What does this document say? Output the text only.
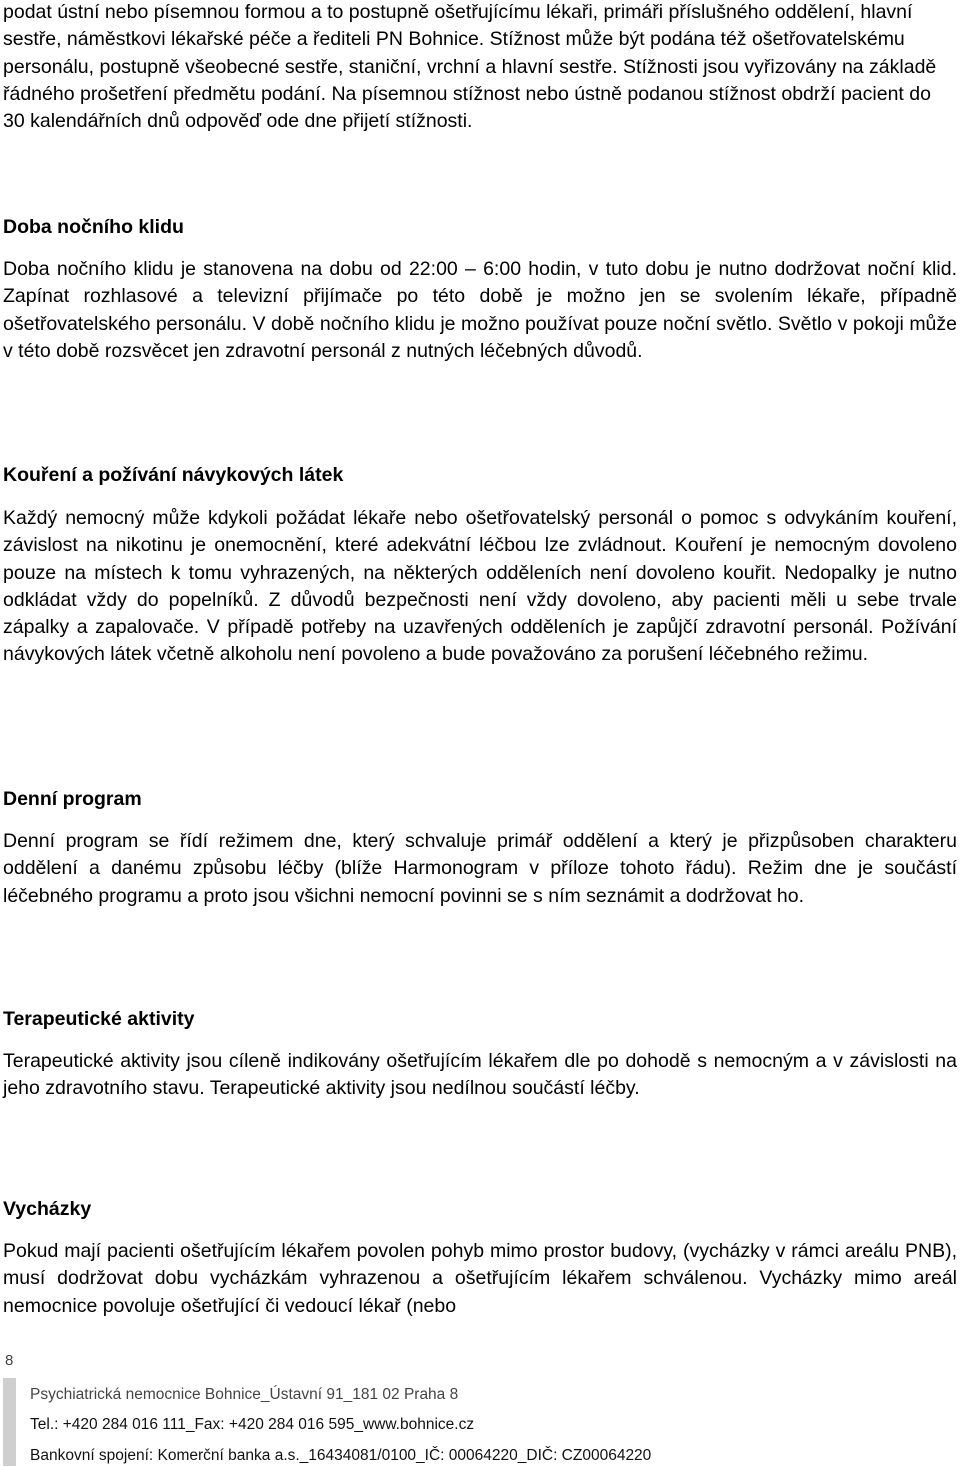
podat ústní nebo písemnou formou a to postupně ošetřujícímu lékaři, primáři příslušného oddělení, hlavní sestře, náměstkovi lékařské péče a řediteli PN Bohnice. Stížnost může být podána též ošetřovatelskému personálu, postupně všeobecné sestře, staniční, vrchní a hlavní sestře. Stížnosti jsou vyřizovány na základě řádného prošetření předmětu podání. Na písemnou stížnost nebo ústně podanou stížnost obdrží pacient do 30 kalendářních dnů odpověď ode dne přijetí stížnosti.

Doba nočního klidu

Doba nočního klidu je stanovena na dobu od 22:00 – 6:00 hodin, v tuto dobu je nutno dodržovat noční klid. Zapínat rozhlasové a televizní přijímače po této době je možno jen se svolením lékaře, případně ošetřovatelského personálu. V době nočního klidu je možno používat pouze noční světlo. Světlo v pokoji může v této době rozsvěcet jen zdravotní personál z nutných léčebných důvodů.

Kouření a požívání návykových látek

Každý nemocný může kdykoli požádat lékaře nebo ošetřovatelský personál o pomoc s odvykáním kouření, závislost na nikotinu je onemocnění, které adekvátní léčbou lze zvládnout. Kouření je nemocným dovoleno pouze na místech k tomu vyhrazených, na některých odděleních není dovoleno kouřit. Nedopalky je nutno odkládat vždy do popelníků. Z důvodů bezpečnosti není vždy dovoleno, aby pacienti měli u sebe trvale zápalky a zapalovače. V případě potřeby na uzavřených odděleních je zapůjčí zdravotní personál. Požívání návykových látek včetně alkoholu není povoleno a bude považováno za porušení léčebného režimu.

Denní program

Denní program se řídí režimem dne, který schvaluje primář oddělení a který je přizpůsoben charakteru oddělení a danému způsobu léčby (blíže Harmonogram v příloze tohoto řádu). Režim dne je součástí léčebného programu a proto jsou všichni nemocní povinni se s ním seznámit a dodržovat ho.

Terapeutické aktivity

Terapeutické aktivity jsou cíleně indikovány ošetřujícím lékařem dle po dohodě s nemocným a v závislosti na jeho zdravotního stavu. Terapeutické aktivity jsou nedílnou součástí léčby.

Vycházky

Pokud mají pacienti ošetřujícím lékařem povolen pohyb mimo prostor budovy, (vycházky v rámci areálu PNB), musí dodržovat dobu vycházkám vyhrazenou a ošetřujícím lékařem schválenou. Vycházky mimo areál nemocnice povoluje ošetřující či vedoucí lékař (nebo

8
Psychiatrická nemocnice Bohnice_Ústavní 91_181 02 Praha 8
Tel.: +420 284 016 111_Fax: +420 284 016 595_www.bohnice.cz
Bankovní spojení: Komerční banka a.s._16434081/0100_IČ: 00064220_DIČ: CZ00064220
